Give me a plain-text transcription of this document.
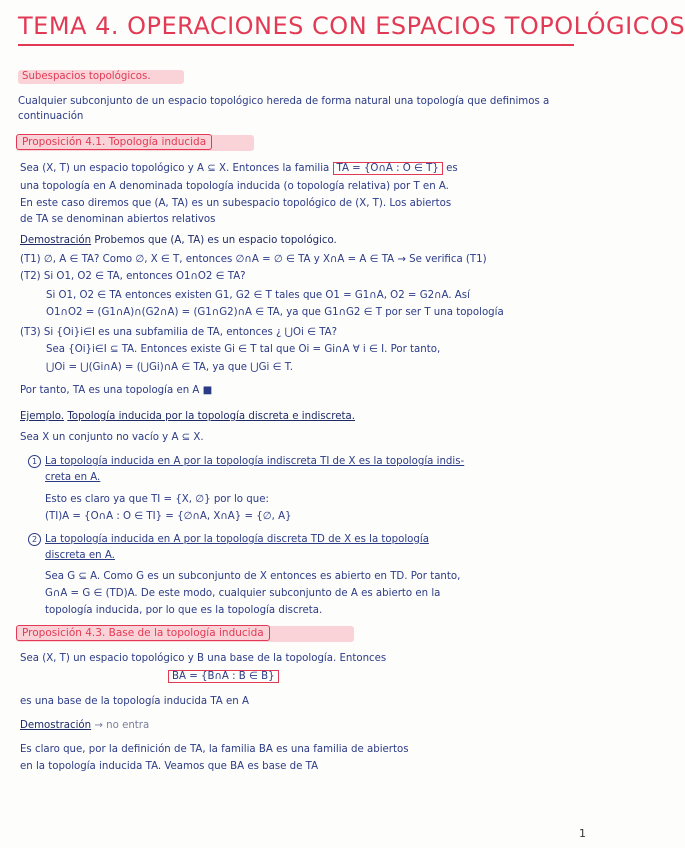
TEMA 4. OPERACIONES CON ESPACIOS TOPOLÓGICOS
Subespacios topológicos.
Cualquier subconjunto de un espacio topológico hereda de forma natural una topología que definimos a continuación
Proposición 4.1. Topología inducida
Sea (X, T) un espacio topológico y A ⊆ X. Entonces la familia TA = {O∩A : O ∈ T} es
una topología en A denominada topología inducida (o topología relativa) por T en A.
En este caso diremos que (A, TA) es un subespacio topológico de (X, T). Los abiertos
de TA se denominan abiertos relativos
Demostración Probemos que (A, TA) es un espacio topológico.
(T1) ∅, A ∈ TA? Como ∅, X ∈ T, entonces ∅∩A = ∅ ∈ TA y X∩A = A ∈ TA → Se verifica (T1)
(T2) Si O1, O2 ∈ TA, entonces O1∩O2 ∈ TA?
Si O1, O2 ∈ TA entonces existen G1, G2 ∈ T tales que O1 = G1∩A, O2 = G2∩A. Así
O1∩O2 = (G1∩A)∩(G2∩A) = (G1∩G2)∩A ∈ TA, ya que G1∩G2 ∈ T por ser T una topología
(T3) Si {Oi}i∈I es una subfamilia de TA, entonces ¿ ⋃Oi ∈ TA?
Sea {Oi}i∈I ⊆ TA. Entonces existe Gi ∈ T tal que Oi = Gi∩A ∀ i ∈ I. Por tanto,
⋃Oi = ⋃(Gi∩A) = (⋃Gi)∩A ∈ TA, ya que ⋃Gi ∈ T.
Por tanto, TA es una topología en A ■
Ejemplo. Topología inducida por la topología discreta e indiscreta.
Sea X un conjunto no vacío y A ⊆ X.
1 La topología inducida en A por la topología indiscreta TI de X es la topología indis-
creta en A.
Esto es claro ya que TI = {X, ∅} por lo que:
(TI)A = {O∩A : O ∈ TI} = {∅∩A, X∩A} = {∅, A}
2 La topología inducida en A por la topología discreta TD de X es la topología
discreta en A.
Sea G ⊆ A. Como G es un subconjunto de X entonces es abierto en TD. Por tanto,
G∩A = G ∈ (TD)A. De este modo, cualquier subconjunto de A es abierto en la
topología inducida, por lo que es la topología discreta.
Proposición 4.3. Base de la topología inducida
Sea (X, T) un espacio topológico y B una base de la topología. Entonces
BA = {B∩A : B ∈ B}
es una base de la topología inducida TA en A
Demostración → no entra
Es claro que, por la definición de TA, la familia BA es una familia de abiertos
en la topología inducida TA. Veamos que BA es base de TA
1
